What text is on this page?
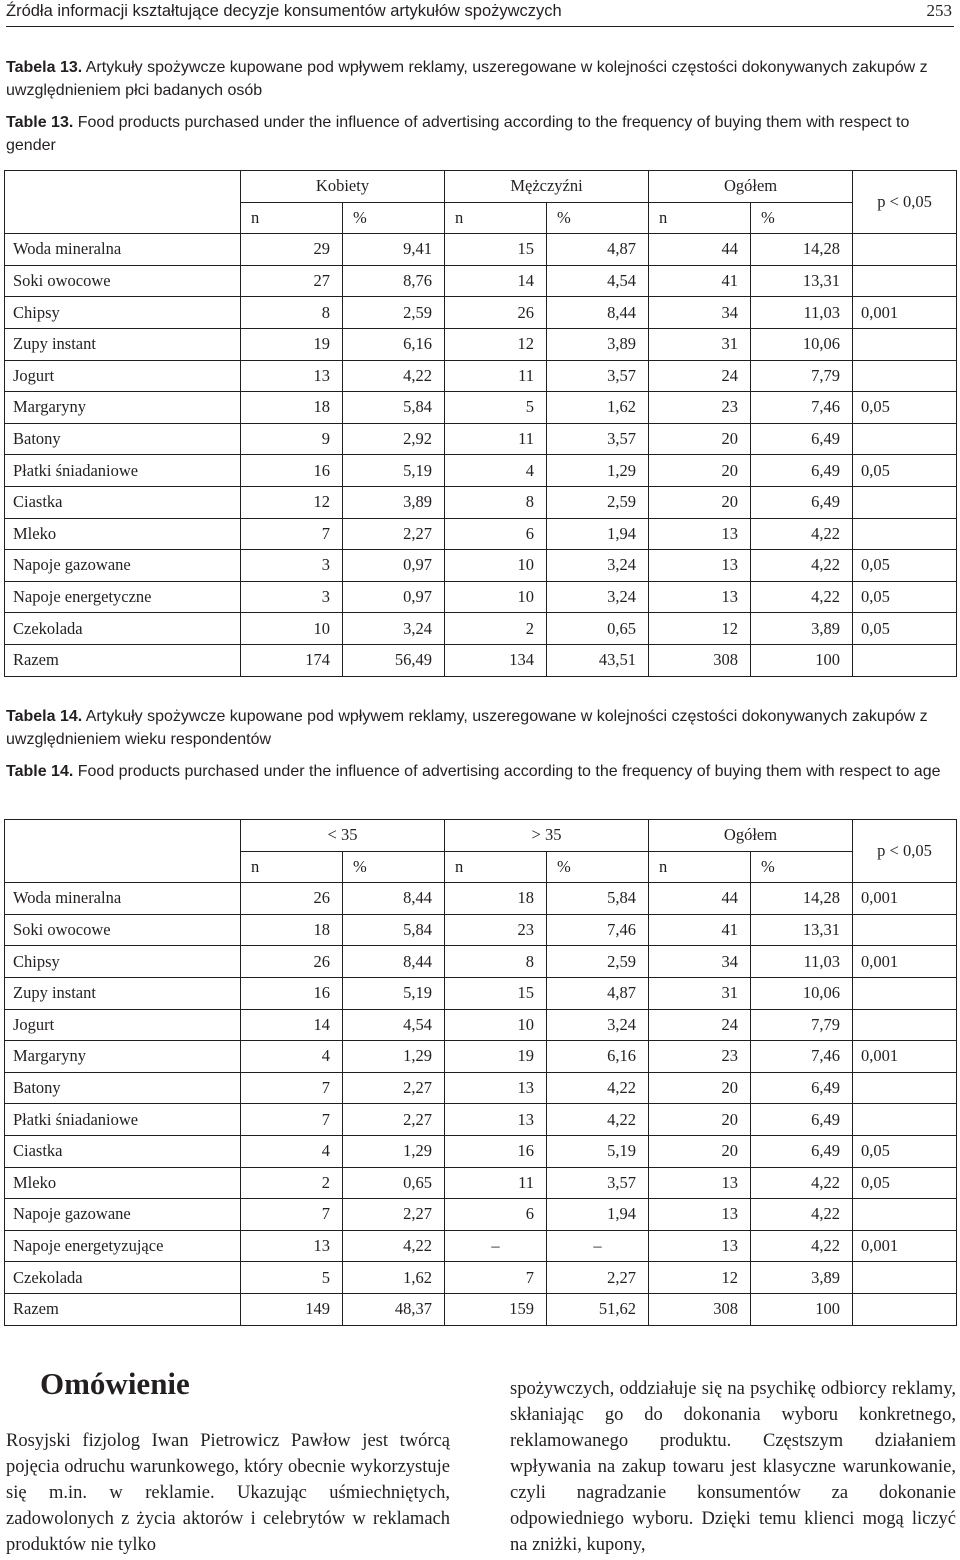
Źródła informacji kształtujące decyzje konsumentów artykułów spożywczych	253

Tabela 13. Artykuły spożywcze kupowane pod wpływem reklamy, uszeregowane w kolejności częstości dokonywanych zakupów z uwzględnieniem płci badanych osób

Table 13. Food products purchased under the influence of advertising according to the frequency of buying them with respect to gender

	Kobiety		Mężczyźni		Ogółem		p < 0,05
	n	%	n	%	n	%	
Woda mineralna	29	9,41	15	4,87	44	14,28	
Soki owocowe	27	8,76	14	4,54	41	13,31	
Chipsy	8	2,59	26	8,44	34	11,03	0,001
Zupy instant	19	6,16	12	3,89	31	10,06	
Jogurt	13	4,22	11	3,57	24	7,79	
Margaryny	18	5,84	5	1,62	23	7,46	0,05
Batony	9	2,92	11	3,57	20	6,49	
Płatki śniadaniowe	16	5,19	4	1,29	20	6,49	0,05
Ciastka	12	3,89	8	2,59	20	6,49	
Mleko	7	2,27	6	1,94	13	4,22	
Napoje gazowane	3	0,97	10	3,24	13	4,22	0,05
Napoje energetyczne	3	0,97	10	3,24	13	4,22	0,05
Czekolada	10	3,24	2	0,65	12	3,89	0,05
Razem	174	56,49	134	43,51	308	100	

Tabela 14. Artykuły spożywcze kupowane pod wpływem reklamy, uszeregowane w kolejności częstości dokonywanych zakupów z uwzględnieniem wieku respondentów

Table 14. Food products purchased under the influence of advertising according to the frequency of buying them with respect to age

	< 35		> 35		Ogółem		p < 0,05
	n	%	n	%	n	%	
Woda mineralna	26	8,44	18	5,84	44	14,28	0,001
Soki owocowe	18	5,84	23	7,46	41	13,31	
Chipsy	26	8,44	8	2,59	34	11,03	0,001
Zupy instant	16	5,19	15	4,87	31	10,06	
Jogurt	14	4,54	10	3,24	24	7,79	
Margaryny	4	1,29	19	6,16	23	7,46	0,001
Batony	7	2,27	13	4,22	20	6,49	
Płatki śniadaniowe	7	2,27	13	4,22	20	6,49	
Ciastka	4	1,29	16	5,19	20	6,49	0,05
Mleko	2	0,65	11	3,57	13	4,22	0,05
Napoje gazowane	7	2,27	6	1,94	13	4,22	
Napoje energetyzujące	13	4,22	–	–	13	4,22	0,001
Czekolada	5	1,62	7	2,27	12	3,89	
Razem	149	48,37	159	51,62	308	100	
Omówienie

Rosyjski fizjolog Iwan Pietrowicz Pawłow jest twórcą pojęcia odruchu warunkowego, który obecnie wykorzystuje się m.in. w reklamie. Ukazując uśmiechniętych, zadowolonych z życia aktorów i celebrytów w reklamach produktów nie tylko

spożywczych, oddziałuje się na psychikę odbiorcy reklamy, skłaniając go do dokonania wyboru konkretnego, reklamowanego produktu. Częstszym działaniem wpływania na zakup towaru jest klasyczne warunkowanie, czyli nagradzanie konsumentów za dokonanie odpowiedniego wyboru. Dzięki temu klienci mogą liczyć na zniżki, kupony,
